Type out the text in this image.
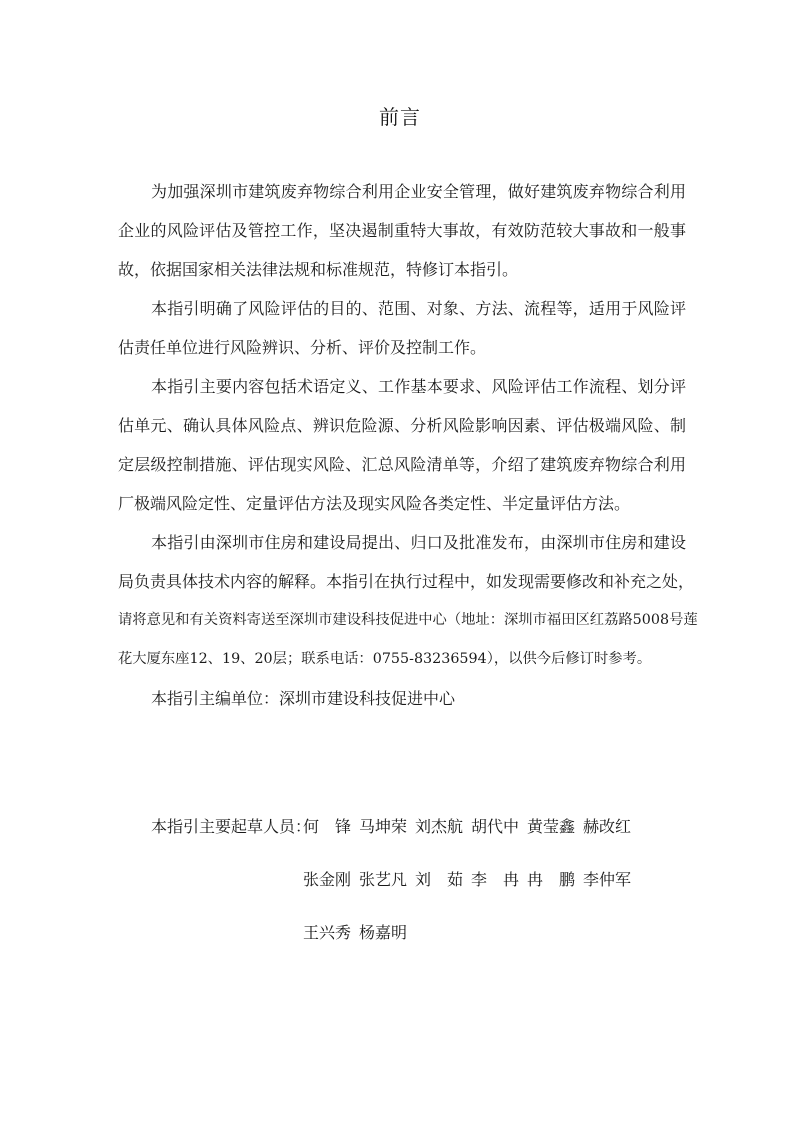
前言
为加强深圳市建筑废弃物综合利用企业安全管理，做好建筑废弃物综合利用
企业的风险评估及管控工作，坚决遏制重特大事故，有效防范较大事故和一般事
故，依据国家相关法律法规和标准规范，特修订本指引。
本指引明确了风险评估的目的、范围、对象、方法、流程等，适用于风险评
估责任单位进行风险辨识、分析、评价及控制工作。
本指引主要内容包括术语定义、工作基本要求、风险评估工作流程、划分评
估单元、确认具体风险点、辨识危险源、分析风险影响因素、评估极端风险、制
定层级控制措施、评估现实风险、汇总风险清单等，介绍了建筑废弃物综合利用
厂极端风险定性、定量评估方法及现实风险各类定性、半定量评估方法。
本指引由深圳市住房和建设局提出、归口及批准发布，由深圳市住房和建设
局负责具体技术内容的解释。本指引在执行过程中，如发现需要修改和补充之处，
请将意见和有关资料寄送至深圳市建设科技促进中心（地址：深圳市福田区红荔路5008号莲
花大厦东座12、19、20层；联系电话：0755-83236594），以供今后修订时参考。
本指引主编单位：深圳市建设科技促进中心
本指引主要起草人员：
何　锋 马坤荣 刘杰航 胡代中 黄莹鑫 赫改红
张金刚 张艺凡 刘　茹 李　冉 冉　鹏 李仲军
王兴秀 杨嘉明
